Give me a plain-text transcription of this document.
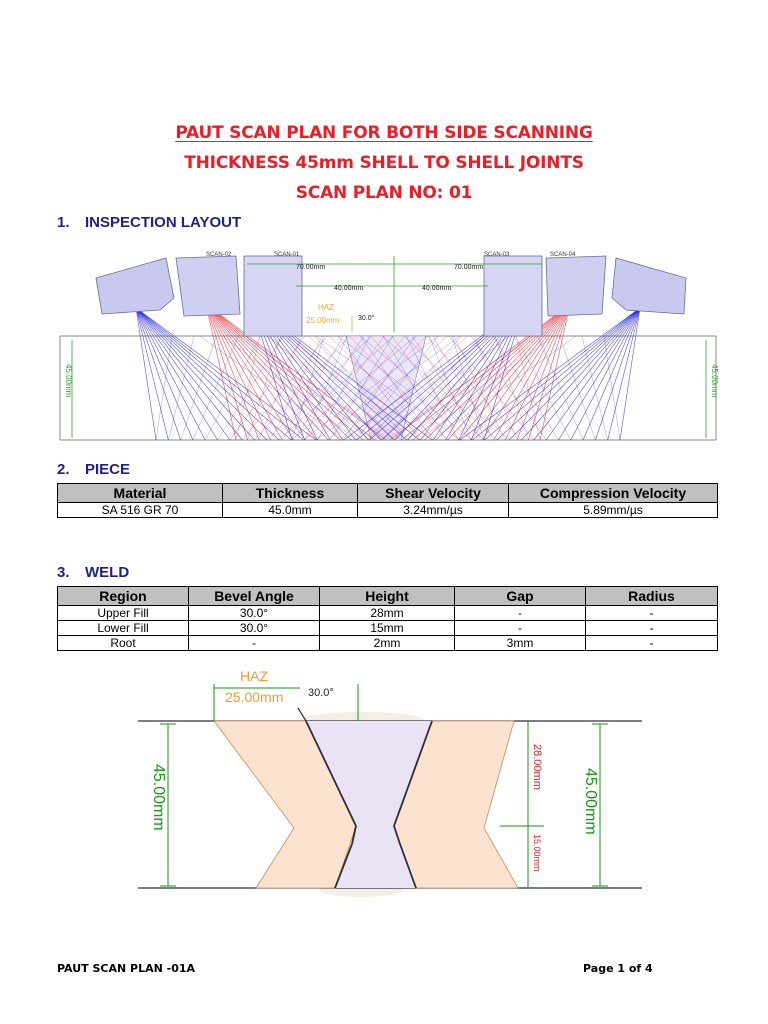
PAUT SCAN PLAN FOR BOTH SIDE SCANNING
THICKNESS 45mm SHELL TO SHELL JOINTS
SCAN PLAN NO: 01
1. INSPECTION LAYOUT
SCAN-02	SCAN-01	SCAN-03	SCAN-04
70.00mm	70.00mm
40.00mm	40.00mm
HAZ
25.00mm	30.0°
45.00mm	45.00mm
2. PIECE
Material	Thickness	Shear Velocity	Compression Velocity
SA 516 GR 70	45.0mm	3.24mm/µs	5.89mm/µs
3. WELD
Region	Bevel Angle	Height	Gap	Radius
Upper Fill	30.0°	28mm	-	-
Lower Fill	30.0°	15mm	-	-
Root	-	2mm	3mm	-
HAZ
25.00mm 30.0°
45.00mm	45.00mm
28.00mm
15.00mm
PAUT SCAN PLAN -01A	Page 1 of 4
